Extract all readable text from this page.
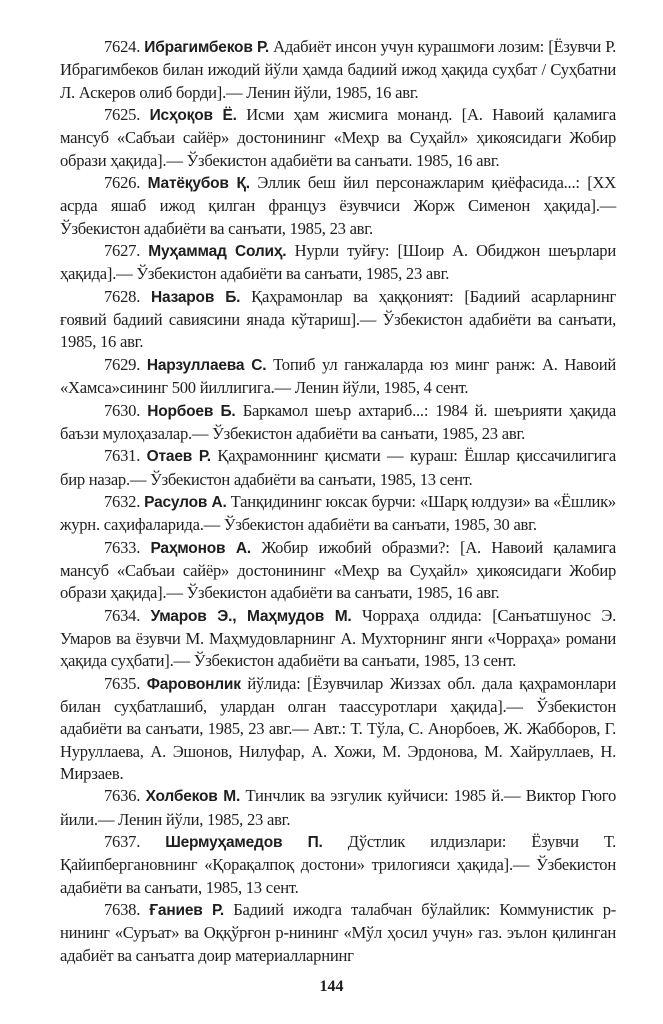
7624. Ибрагимбеков Р. Адабиёт инсон учун курашмоғи лозим: [Ёзувчи Р. Ибрагимбеков билан ижодий йўли ҳамда бадиий ижод ҳақида суҳбат / Суҳбатни Л. Аскеров олиб борди].— Ленин йўли, 1985, 16 авг.

7625. Исҳоқов Ё. Исми ҳам жисмига монанд. [А. Навоий қаламига мансуб «Сабъаи сайёр» достонининг «Меҳр ва Суҳайл» ҳикоясидаги Жобир образи ҳақида].— Ўзбекистон адабиёти ва санъати. 1985, 16 авг.

7626. Матёқубов Қ. Эллик беш йил персонажларим қиёфасида...: [XX асрда яшаб ижод қилган француз ёзувчиси Жорж Сименон ҳақида].— Ўзбекистон адабиёти ва санъати, 1985, 23 авг.

7627. Муҳаммад Солиҳ. Нурли туйғу: [Шоир А. Обиджон шеърлари ҳақида].— Ўзбекистон адабиёти ва санъати, 1985, 23 авг.

7628. Назаров Б. Қаҳрамонлар ва ҳаққоният: [Бадиий асарларнинг ғоявий бадиий савиясини янада кўтариш].— Ўзбекистон адабиёти ва санъати, 1985, 16 авг.

7629. Нарзуллаева С. Топиб ул ганжаларда юз минг ранж: А. Навоий «Хамса»сининг 500 йиллигига.— Ленин йўли, 1985, 4 сент.

7630. Норбоев Б. Баркамол шеър ахтариб...: 1984 й. шеърияти ҳақида баъзи мулоҳазалар.— Ўзбекистон адабиёти ва санъати, 1985, 23 авг.

7631. Отаев Р. Қаҳрамоннинг қисмати — кураш: Ёшлар қиссачилигига бир назар.— Ўзбекистон адабиёти ва санъати, 1985, 13 сент.

7632. Расулов А. Танқидининг юксак бурчи: «Шарқ юлдузи» ва «Ёшлик» журн. саҳифаларида.— Ўзбекистон адабиёти ва санъати, 1985, 30 авг.

7633. Раҳмонов А. Жобир ижобий образми?: [А. Навоий қаламига мансуб «Сабъаи сайёр» достонининг «Меҳр ва Суҳайл» ҳикоясидаги Жобир образи ҳақида].— Ўзбекистон адабиёти ва санъати, 1985, 16 авг.

7634. Умаров Э., Маҳмудов М. Чорраҳа олдида: [Санъатшунос Э. Умаров ва ёзувчи М. Маҳмудовларнинг А. Мухторнинг янги «Чорраҳа» романи ҳақида суҳбати].— Ўзбекистон адабиёти ва санъати, 1985, 13 сент.

7635. Фаровонлик йўлида: [Ёзувчилар Жиззах обл. дала қаҳрамонлари билан суҳбатлашиб, улардан олган таассуротлари ҳақида].— Ўзбекистон адабиёти ва санъати, 1985, 23 авг.— Авт.: Т. Тўла, С. Анорбоев, Ж. Жабборов, Г. Нуруллаева, А. Эшонов, Нилуфар, А. Хожи, М. Эрдонова, М. Хайруллаев, Н. Мирзаев.

7636. Холбеков М. Тинчлик ва эзгулик куйчиси: 1985 й.— Виктор Гюго йили.— Ленин йўли, 1985, 23 авг.

7637. Шермуҳамедов П. Дўстлик илдизлари: Ёзувчи Т. Қайипбергановнинг «Қорақалпоқ достони» трилогияси ҳақида].— Ўзбекистон адабиёти ва санъати, 1985, 13 сент.

7638. Ғаниев Р. Бадиий ижодга талабчан бўлайлик: Коммунистик р-нининг «Суръат» ва Оққўрғон р-нининг «Мўл ҳосил учун» газ. эълон қилинган адабиёт ва санъатга доир материалларнинг

144
